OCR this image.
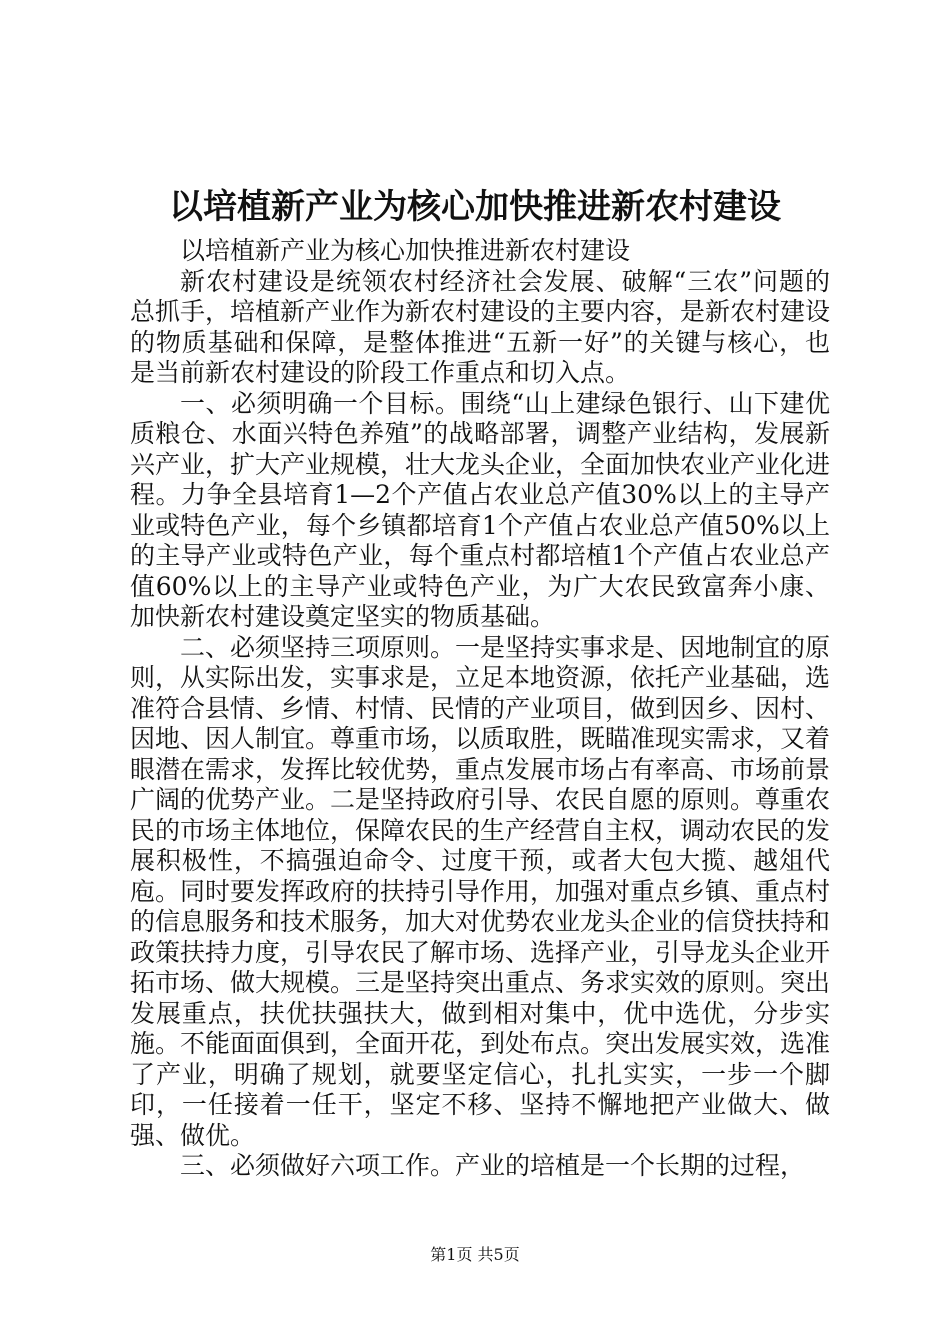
以培植新产业为核心加快推进新农村建设

以培植新产业为核心加快推进新农村建设

新农村建设是统领农村经济社会发展、破解“三农”问题的总抓手，培植新产业作为新农村建设的主要内容，是新农村建设的物质基础和保障，是整体推进“五新一好”的关键与核心，也是当前新农村建设的阶段工作重点和切入点。

一、必须明确一个目标。围绕“山上建绿色银行、山下建优质粮仓、水面兴特色养殖”的战略部署，调整产业结构，发展新兴产业，扩大产业规模，壮大龙头企业，全面加快农业产业化进程。力争全县培育1—2个产值占农业总产值30%以上的主导产业或特色产业，每个乡镇都培育1个产值占农业总产值50%以上的主导产业或特色产业，每个重点村都培植1个产值占农业总产值60%以上的主导产业或特色产业，为广大农民致富奔小康、加快新农村建设奠定坚实的物质基础。

二、必须坚持三项原则。一是坚持实事求是、因地制宜的原则，从实际出发，实事求是，立足本地资源，依托产业基础，选准符合县情、乡情、村情、民情的产业项目，做到因乡、因村、因地、因人制宜。尊重市场，以质取胜，既瞄准现实需求，又着眼潜在需求，发挥比较优势，重点发展市场占有率高、市场前景广阔的优势产业。二是坚持政府引导、农民自愿的原则。尊重农民的市场主体地位，保障农民的生产经营自主权，调动农民的发展积极性，不搞强迫命令、过度干预，或者大包大揽、越俎代庖。同时要发挥政府的扶持引导作用，加强对重点乡镇、重点村的信息服务和技术服务，加大对优势农业龙头企业的信贷扶持和政策扶持力度，引导农民了解市场、选择产业，引导龙头企业开拓市场、做大规模。三是坚持突出重点、务求实效的原则。突出发展重点，扶优扶强扶大，做到相对集中，优中选优，分步实施。不能面面俱到，全面开花，到处布点。突出发展实效，选准了产业，明确了规划，就要坚定信心，扎扎实实，一步一个脚印，一任接着一任干，坚定不移、坚持不懈地把产业做大、做强、做优。

三、必须做好六项工作。产业的培植是一个长期的过程，

第1页 共5页
